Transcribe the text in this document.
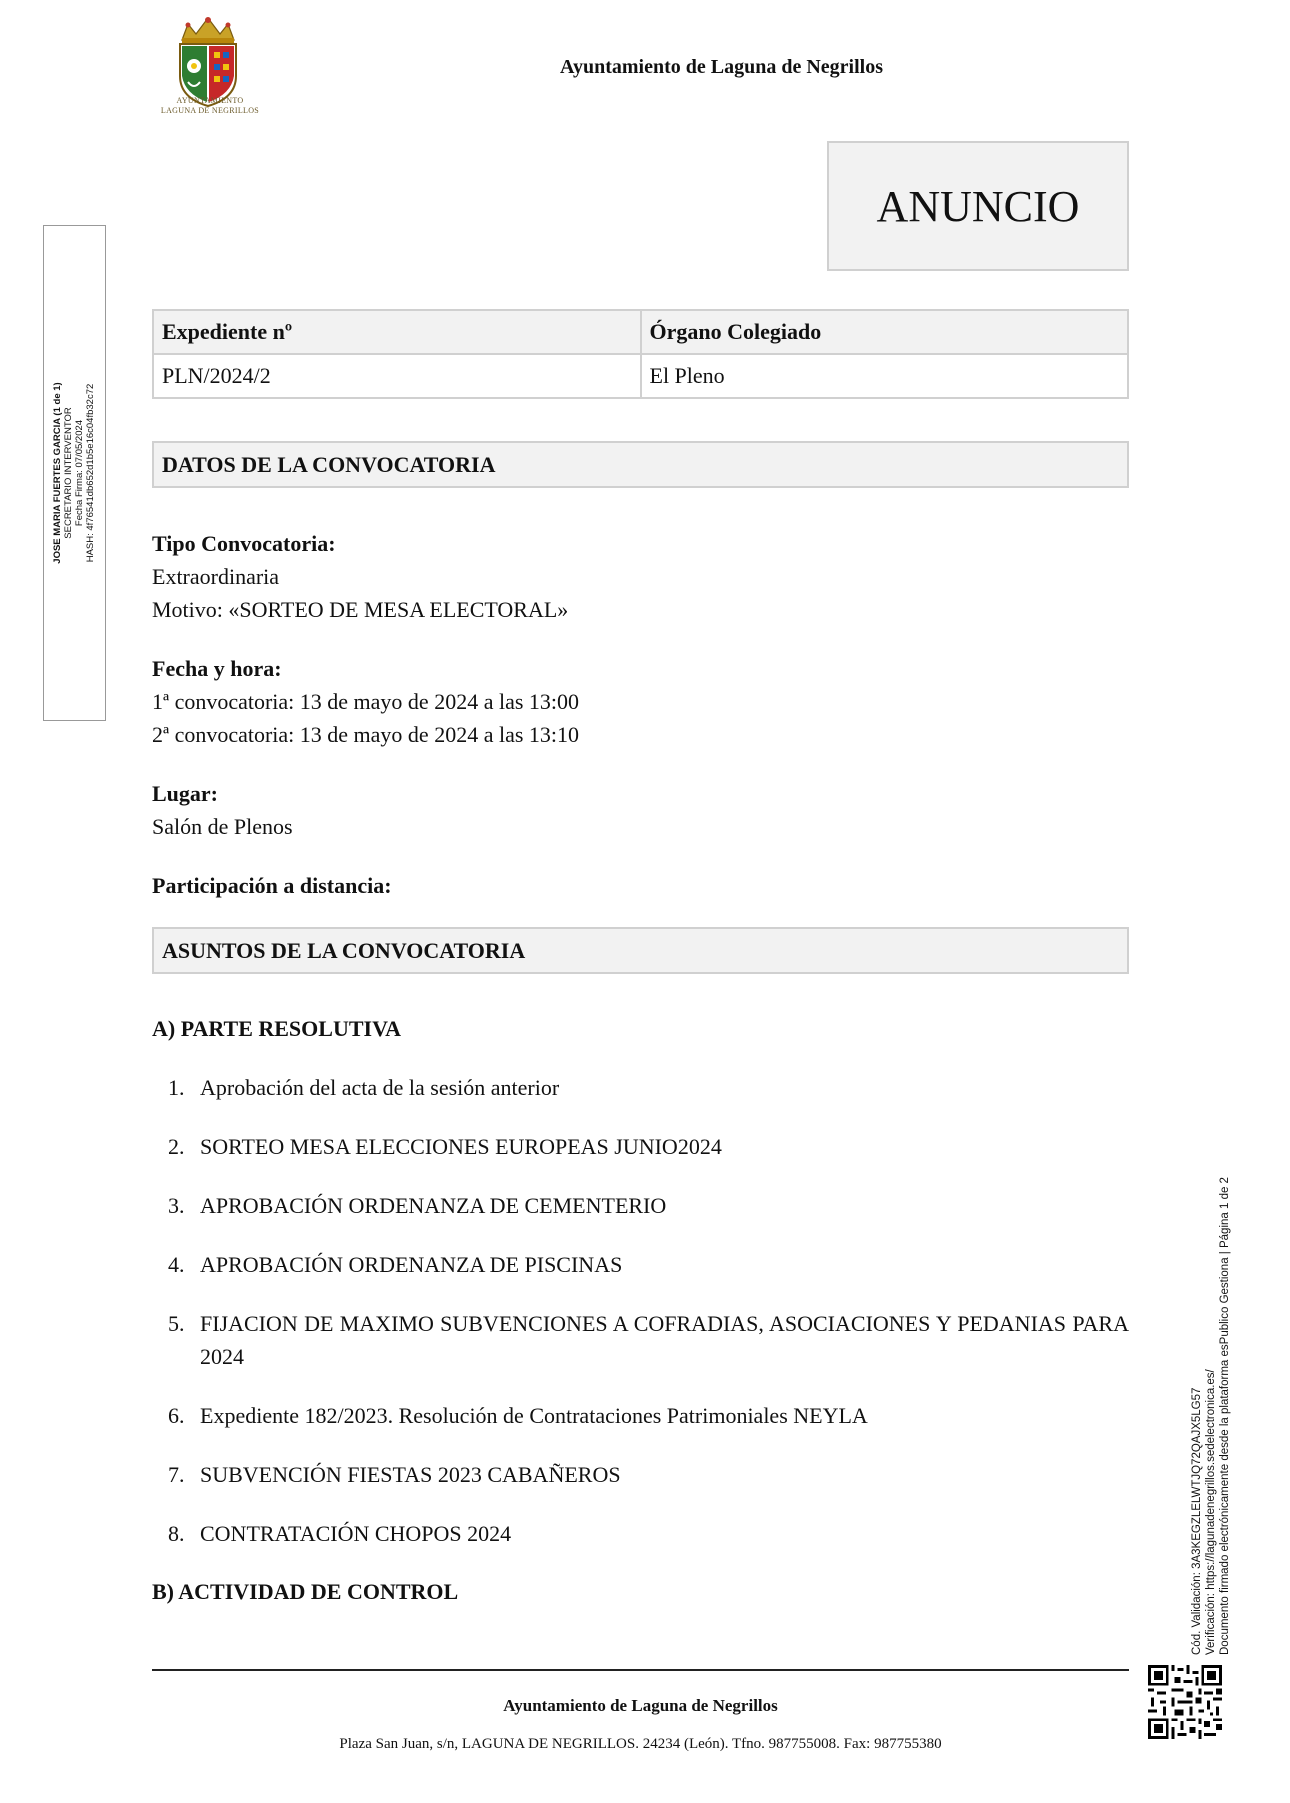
AYUNTAMIENTO
LAGUNA DE NEGRILLOS
Ayuntamiento de Laguna de Negrillos
ANUNCIO
JOSE MARIA FUERTES GARCIA (1 de 1) SECRETARIO INTERVENTOR Fecha Firma: 07/05/2024 HASH: 4f76541db652d1b5e16c04fb32c72
Cód. Validación: 3A3KEGZLELWTJQ72QAJX5LG57 Verificación: https://lagunadenegrillos.sedelectronica.es/ Documento firmado electrónicamente desde la plataforma esPublico Gestiona | Página 1 de 2
Expediente nº	Órgano Colegiado
PLN/2024/2	El Pleno
DATOS DE LA CONVOCATORIA
Tipo Convocatoria:
Extraordinaria
Motivo: «SORTEO DE MESA ELECTORAL»
Fecha y hora:
1ª convocatoria: 13 de mayo de 2024 a las 13:00
2ª convocatoria: 13 de mayo de 2024 a las 13:10
Lugar:
Salón de Plenos
Participación a distancia:
ASUNTOS DE LA CONVOCATORIA
A) PARTE RESOLUTIVA
1. Aprobación del acta de la sesión anterior
2. SORTEO MESA ELECCIONES EUROPEAS JUNIO2024
3. APROBACIÓN ORDENANZA DE CEMENTERIO
4. APROBACIÓN ORDENANZA DE PISCINAS
5. FIJACION DE MAXIMO SUBVENCIONES A COFRADIAS, ASOCIACIONES Y PEDANIAS PARA 2024
6. Expediente 182/2023. Resolución de Contrataciones Patrimoniales NEYLA
7. SUBVENCIÓN FIESTAS 2023 CABAÑEROS
8. CONTRATACIÓN CHOPOS 2024
B) ACTIVIDAD DE CONTROL
Ayuntamiento de Laguna de Negrillos
Plaza San Juan, s/n, LAGUNA DE NEGRILLOS. 24234 (León). Tfno. 987755008. Fax: 987755380
